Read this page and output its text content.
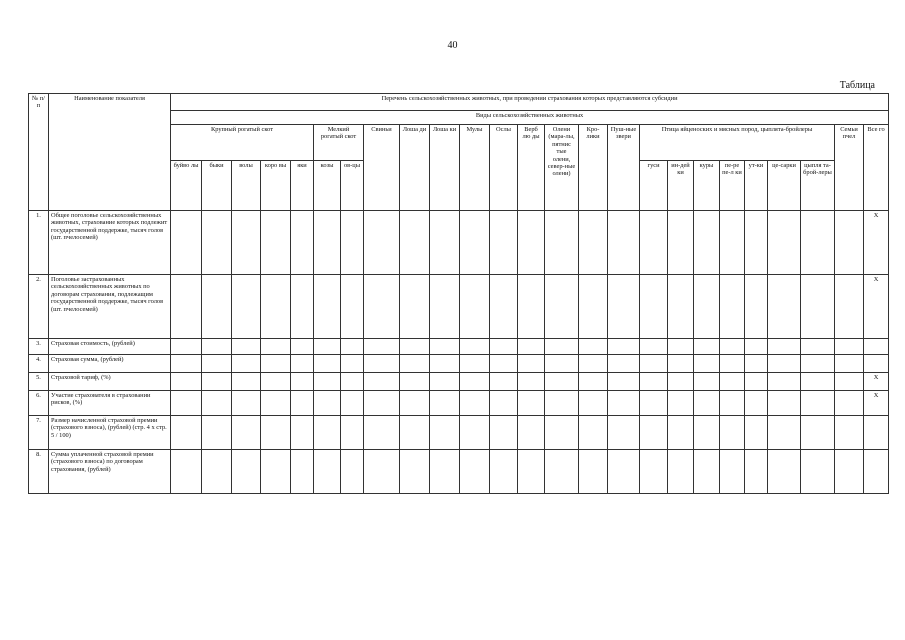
40
Таблица
№ п/п	Наименование показателя	Перечень сельскохозяйственных животных, при проведении страхования которых представляются субсидии																								
		Виды сельскохозяйственных животных																								
		Крупный рогатый скот					Мелкий рогатый скот		Свиньи	Лоша ди	Лоша ки	Мулы	Ослы	Верб лю ды	Олени (мара-лы, пятнис тые олени, север-ные олени)	Кро-лики	Пуш-ные звери	Птица яйценоских и мясных пород, цыплята-бройлеры							Семьи пчел	Все го
		буйво лы	быки	волы	коро вы	яки	козы	ов-цы										гуси	ин-дей ки	куры	пе-ре пе-л ки	ут-ки	це-сарки	цыпля та-брой-леры		
1.	Общее поголовье сельскохозяйственных животных, страхование которых подлежит государственной поддержке, тысяч голов (шт. пчелосемей)																									X
2.	Поголовье застрахованных сельскохозяйственных животных по договорам страхования, подлежащим государственной поддержке, тысяч голов (шт. пчелосемей)																									X
3.	Страховая стоимость, (рублей)																									
4.	Страховая сумма, (рублей)																									
5.	Страховой тариф, (%)																									X
6.	Участие страхователя в страховании рисков, (%)																									X
7.	Размер начисленной страховой премии (страхового взноса), (рублей) (стр. 4 x стр. 5 / 100)																									
8.	Сумма уплаченной страховой премии (страхового взноса) по договорам страхования, (рублей)																									
